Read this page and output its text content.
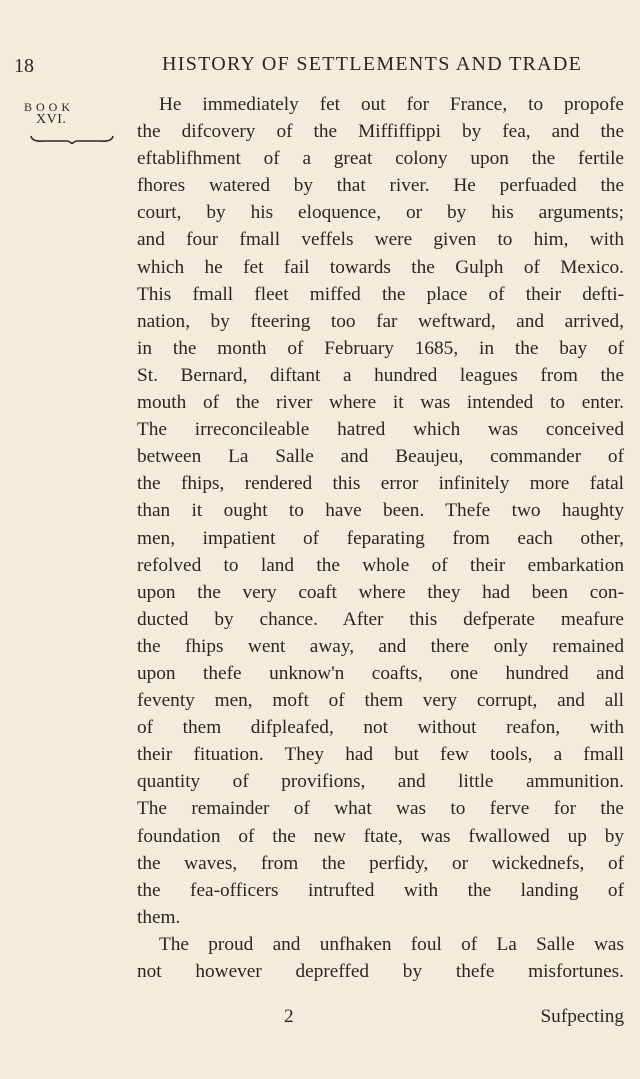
18	HISTORY OF SETTLEMENTS AND TRADE
BOOK
XVI.
He immediately fet out for France, to propofe
the difcovery of the Miffiffippi by fea, and the
eftablifhment of a great colony upon the fertile
fhores watered by that river. He perfuaded the
court, by his eloquence, or by his arguments;
and four fmall veffels were given to him, with
which he fet fail towards the Gulph of Mexico.
This fmall fleet miffed the place of their defti-
nation, by fteering too far weftward, and arrived,
in the month of February 1685, in the bay of
St. Bernard, diftant a hundred leagues from the
mouth of the river where it was intended to enter.
The irreconcileable hatred which was conceived
between La Salle and Beaujeu, commander of
the fhips, rendered this error infinitely more fatal
than it ought to have been. Thefe two haughty
men, impatient of feparating from each other,
refolved to land the whole of their embarkation
upon the very coaft where they had been con-
ducted by chance. After this defperate meafure
the fhips went away, and there only remained
upon thefe unknow'n coafts, one hundred and
feventy men, moft of them very corrupt, and all
of them difpleafed, not without reafon, with
their fituation. They had but few tools, a fmall
quantity of provifions, and little ammunition.
The remainder of what was to ferve for the
foundation of the new ftate, was fwallowed up by
the waves, from the perfidy, or wickednefs, of
the fea-officers intrufted with the landing of
them.
The proud and unfhaken foul of La Salle was
not however depreffed by thefe misfortunes.
2	Sufpecting
